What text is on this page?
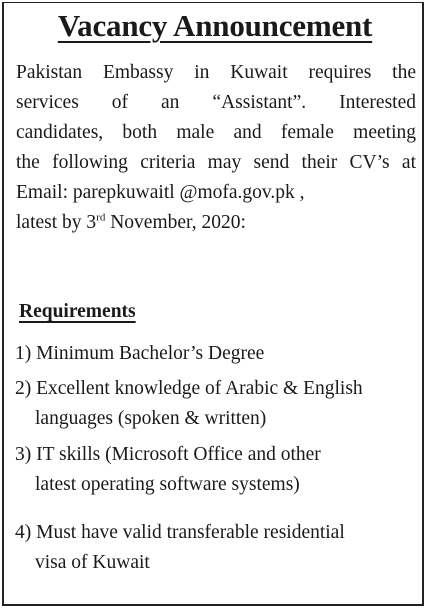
Vacancy Announcement
Pakistan Embassy in Kuwait requires the
services of an “Assistant”. Interested
candidates, both male and female meeting
the following criteria may send their CV’s at
Email: parepkuwaitl @mofa.gov.pk ,
latest by 3rd November, 2020:
Requirements
1) Minimum Bachelor’s Degree
2) Excellent knowledge of Arabic & English
languages (spoken & written)
3) IT skills (Microsoft Office and other
latest operating software systems)
4) Must have valid transferable residential
visa of Kuwait
